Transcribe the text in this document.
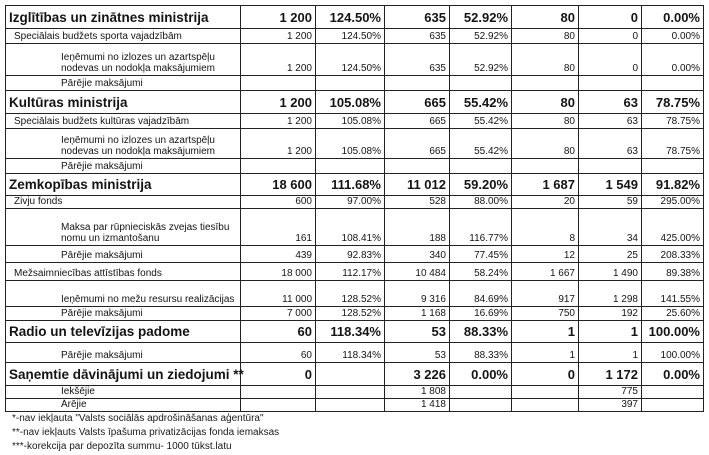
Izglītības un zinātnes ministrija	1 200	124.50%	635	52.92%	80	0	0.00%
Speciālais budžets sporta vajadzībām	1 200	124.50%	635	52.92%	80	0	0.00%
Ieņēmumi no izlozes un azartspēļu nodevas un nodokļa maksājumiem	1 200	124.50%	635	52.92%	80	0	0.00%
Pārējie maksājumi							
Kultūras ministrija	1 200	105.08%	665	55.42%	80	63	78.75%
Speciālais budžets kultūras vajadzībām	1 200	105.08%	665	55.42%	80	63	78.75%
Ieņēmumi no izlozes un azartspēļu nodevas un nodokļa maksājumiem	1 200	105.08%	665	55.42%	80	63	78.75%
Pārējie maksājumi							
Zemkopības ministrija	18 600	111.68%	11 012	59.20%	1 687	1 549	91.82%
Zivju fonds	600	97.00%	528	88.00%	20	59	295.00%
Maksa par rūpnieciskās zvejas tiesību nomu un izmantošanu	161	108.41%	188	116.77%	8	34	425.00%
Pārējie maksājumi	439	92.83%	340	77.45%	12	25	208.33%
Mežsaimniecības attīstības fonds	18 000	112.17%	10 484	58.24%	1 667	1 490	89.38%
Ieņēmumi no mežu resursu realizācijas	11 000	128.52%	9 316	84.69%	917	1 298	141.55%
Pārējie maksājumi	7 000	128.52%	1 168	16.69%	750	192	25.60%
Radio un televīzijas padome	60	118.34%	53	88.33%	1	1	100.00%
Pārējie maksājumi	60	118.34%	53	88.33%	1	1	100.00%
Saņemtie dāvinājumi un ziedojumi **	0		3 226	0.00%	0	1 172	0.00%
Iekšējie			1 808			775	
Ārējie			1 418			397	
*-nav iekļauta "Valsts sociālās apdrošināšanas aģentūra"
**-nav iekļauts Valsts īpašuma privatizācijas fonda iemaksas
***-korekcija par depozīta summu- 1000 tūkst.latu
